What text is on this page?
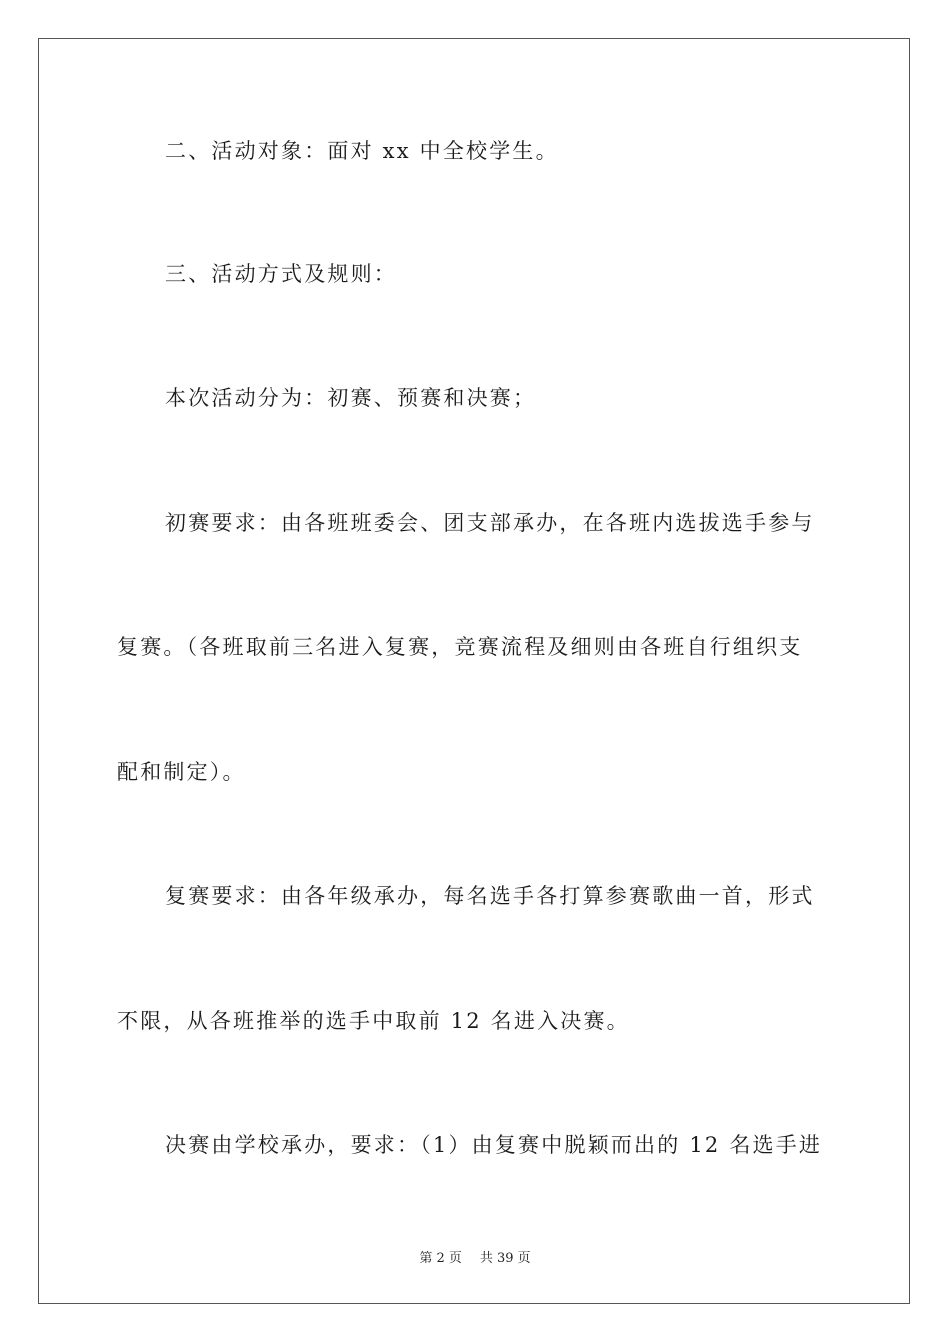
二、活动对象：面对 xx 中全校学生。
三、活动方式及规则：
本次活动分为：初赛、预赛和决赛；
初赛要求：由各班班委会、团支部承办，在各班内选拔选手参与
复赛。（各班取前三名进入复赛，竞赛流程及细则由各班自行组织支
配和制定）。
复赛要求：由各年级承办，每名选手各打算参赛歌曲一首，形式
不限，从各班推举的选手中取前 12 名进入决赛。
决赛由学校承办，要求：（1）由复赛中脱颖而出的 12 名选手进
第 2 页 共 39 页
